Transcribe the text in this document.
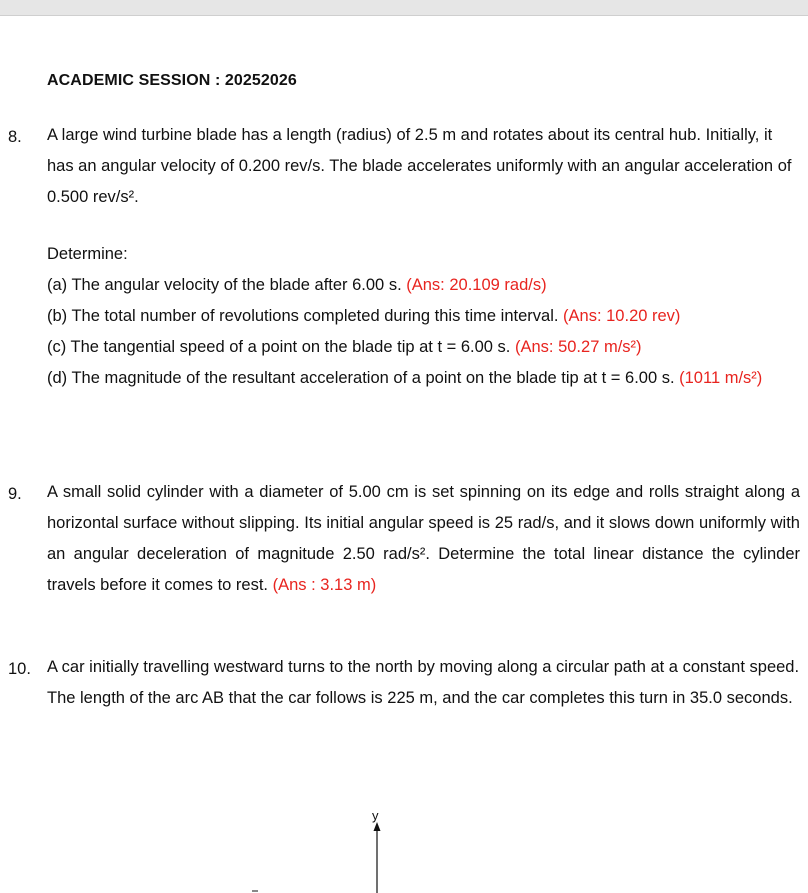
ACADEMIC SESSION : 20252026
8. A large wind turbine blade has a length (radius) of 2.5 m and rotates about its central hub. Initially, it has an angular velocity of 0.200 rev/s. The blade accelerates uniformly with an angular acceleration of 0.500 rev/s².
Determine:
(a) The angular velocity of the blade after 6.00 s. (Ans: 20.109 rad/s)
(b) The total number of revolutions completed during this time interval. (Ans: 10.20 rev)
(c) The tangential speed of a point on the blade tip at t = 6.00 s. (Ans: 50.27 m/s²)
(d) The magnitude of the resultant acceleration of a point on the blade tip at t = 6.00 s. (1011 m/s²)
9. A small solid cylinder with a diameter of 5.00 cm is set spinning on its edge and rolls straight along a horizontal surface without slipping. Its initial angular speed is 25 rad/s, and it slows down uniformly with an angular deceleration of magnitude 2.50 rad/s². Determine the total linear distance the cylinder travels before it comes to rest. (Ans : 3.13 m)
10. A car initially travelling westward turns to the north by moving along a circular path at a constant speed. The length of the arc AB that the car follows is 225 m, and the car completes this turn in 35.0 seconds.
y
